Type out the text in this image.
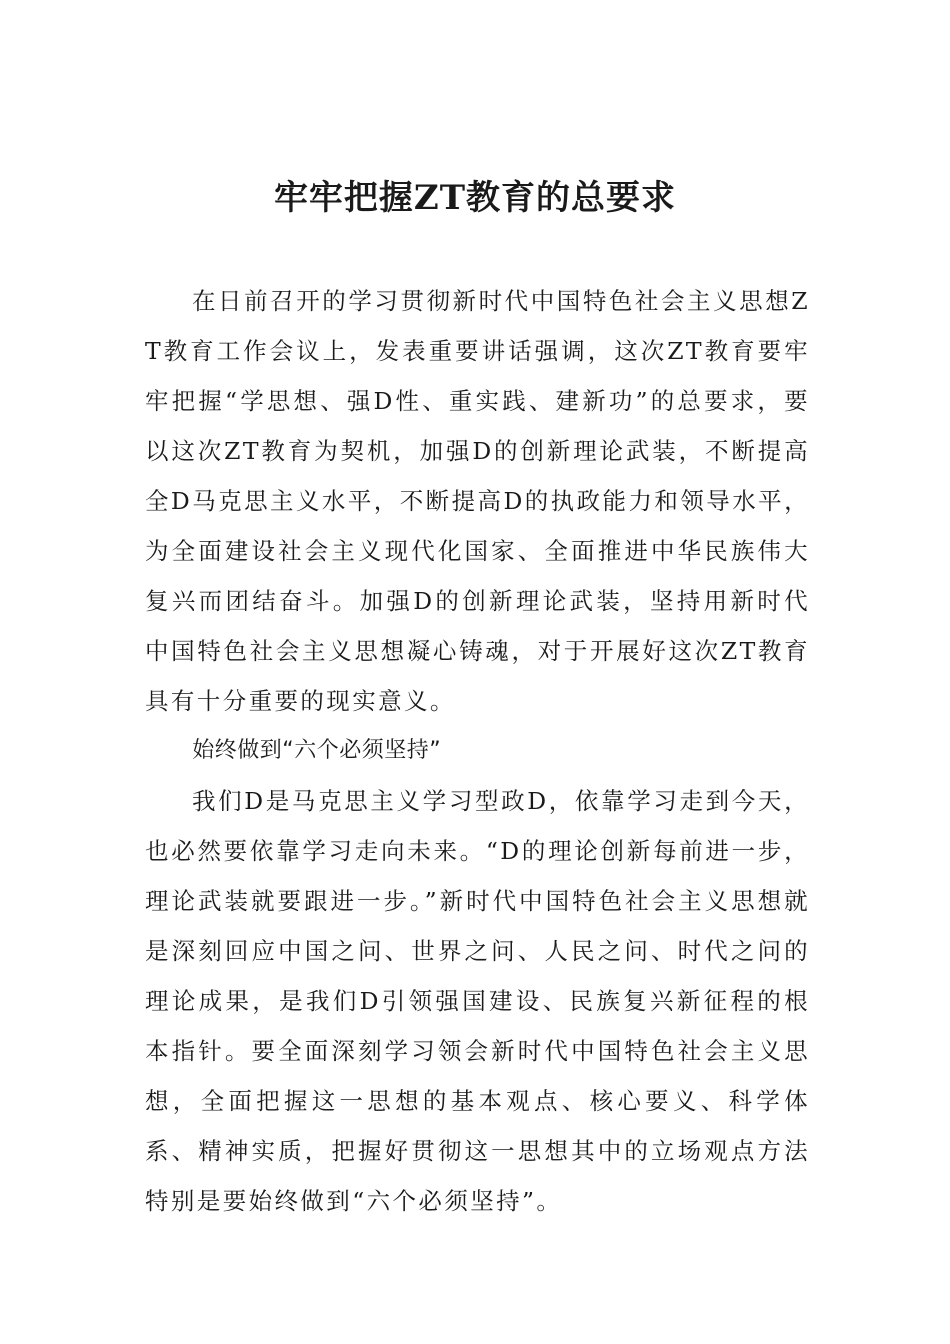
牢牢把握ZT教育的总要求

在日前召开的学习贯彻新时代中国特色社会主义思想ZT教育工作会议上，发表重要讲话强调，这次ZT教育要牢牢把握“学思想、强D性、重实践、建新功”的总要求，要以这次ZT教育为契机，加强D的创新理论武装，不断提高全D马克思主义水平，不断提高D的执政能力和领导水平，为全面建设社会主义现代化国家、全面推进中华民族伟大复兴而团结奋斗。加强D的创新理论武装，坚持用新时代中国特色社会主义思想凝心铸魂，对于开展好这次ZT教育具有十分重要的现实意义。

始终做到“六个必须坚持”

我们D是马克思主义学习型政D，依靠学习走到今天，也必然要依靠学习走向未来。“D的理论创新每前进一步，理论武装就要跟进一步。”新时代中国特色社会主义思想就是深刻回应中国之问、世界之问、人民之问、时代之问的理论成果，是我们D引领强国建设、民族复兴新征程的根本指针。要全面深刻学习领会新时代中国特色社会主义思想，全面把握这一思想的基本观点、核心要义、科学体系、精神实质，把握好贯彻这一思想其中的立场观点方法特别是要始终做到“六个必须坚持”。
